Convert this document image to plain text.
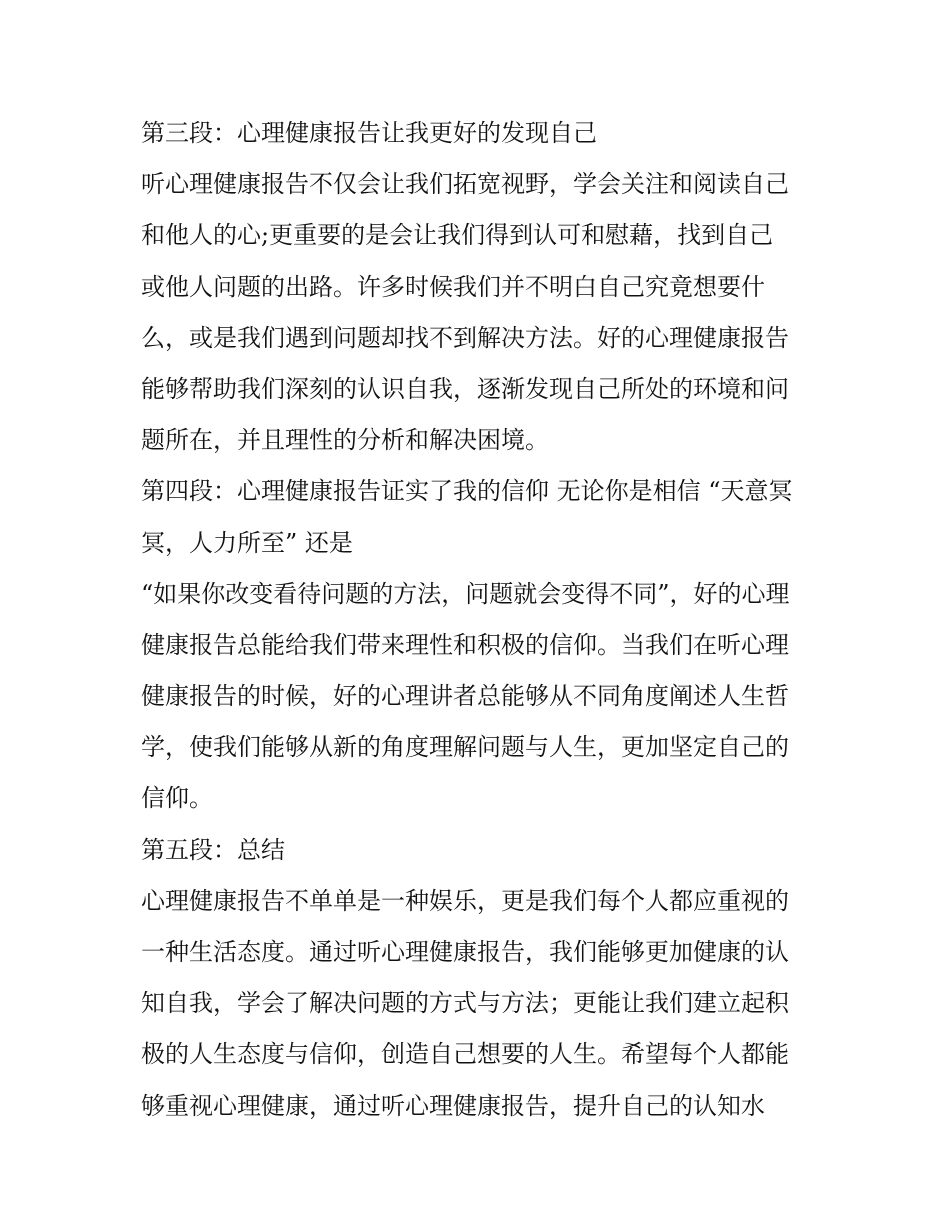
第三段：心理健康报告让我更好的发现自己
听心理健康报告不仅会让我们拓宽视野，学会关注和阅读自己
和他人的心;更重要的是会让我们得到认可和慰藉，找到自己
或他人问题的出路。许多时候我们并不明白自己究竟想要什
么，或是我们遇到问题却找不到解决方法。好的心理健康报告
能够帮助我们深刻的认识自我，逐渐发现自己所处的环境和问
题所在，并且理性的分析和解决困境。
第四段：心理健康报告证实了我的信仰 无论你是相信 “天意冥
冥，人力所至” 还是
“如果你改变看待问题的方法，问题就会变得不同”，好的心理
健康报告总能给我们带来理性和积极的信仰。当我们在听心理
健康报告的时候，好的心理讲者总能够从不同角度阐述人生哲
学，使我们能够从新的角度理解问题与人生，更加坚定自己的
信仰。
第五段：总结
心理健康报告不单单是一种娱乐，更是我们每个人都应重视的
一种生活态度。通过听心理健康报告，我们能够更加健康的认
知自我，学会了解决问题的方式与方法；更能让我们建立起积
极的人生态度与信仰，创造自己想要的人生。希望每个人都能
够重视心理健康，通过听心理健康报告，提升自己的认知水
